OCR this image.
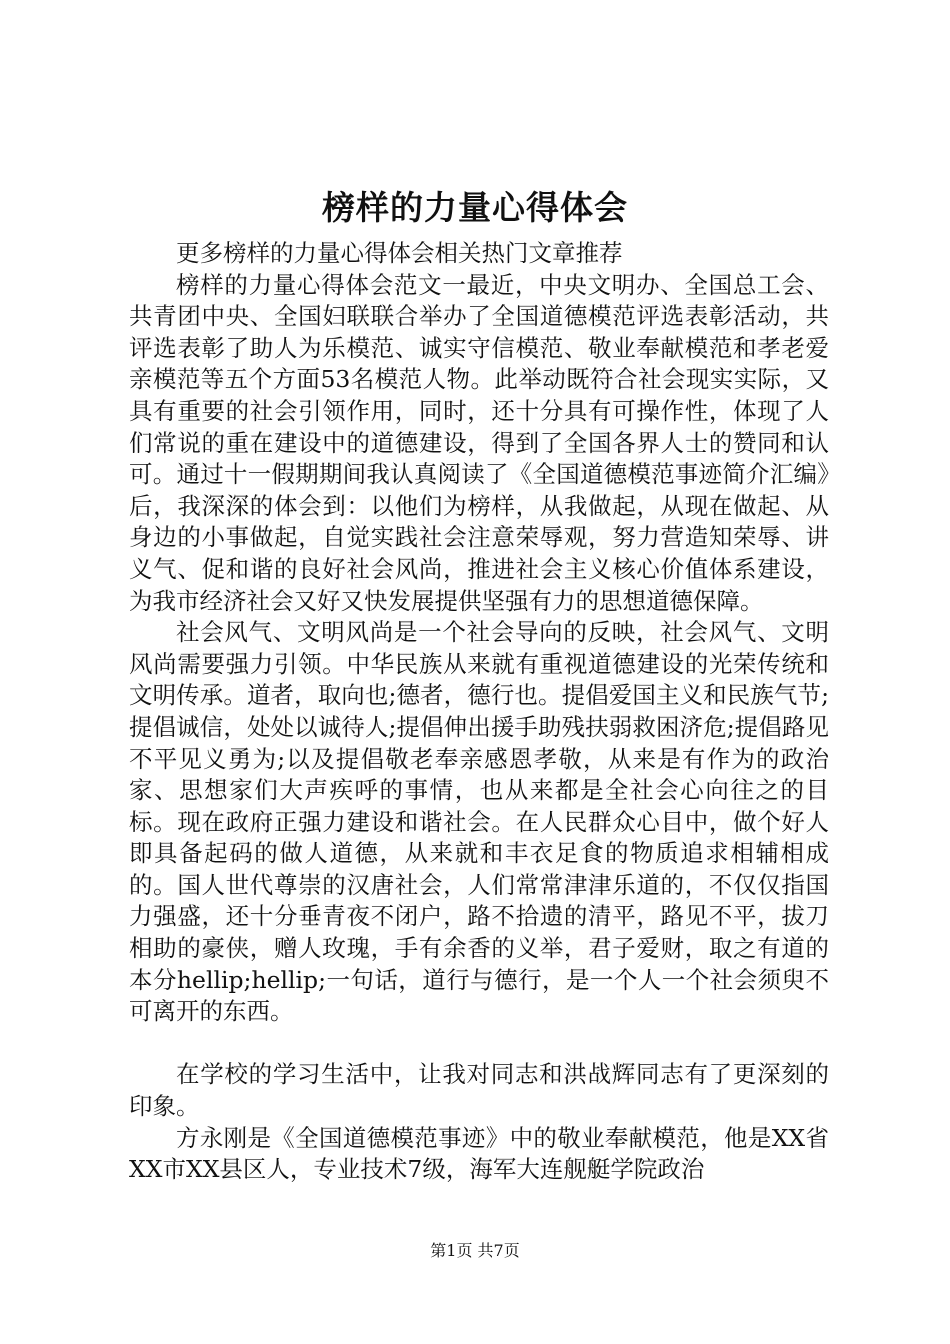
榜样的力量心得体会

更多榜样的力量心得体会相关热门文章推荐

榜样的力量心得体会范文一最近，中央文明办、全国总工会、共青团中央、全国妇联联合举办了全国道德模范评选表彰活动，共评选表彰了助人为乐模范、诚实守信模范、敬业奉献模范和孝老爱亲模范等五个方面53名模范人物。此举动既符合社会现实实际，又具有重要的社会引领作用，同时，还十分具有可操作性，体现了人们常说的重在建设中的道德建设，得到了全国各界人士的赞同和认可。通过十一假期期间我认真阅读了《全国道德模范事迹简介汇编》后，我深深的体会到：以他们为榜样，从我做起，从现在做起、从身边的小事做起，自觉实践社会注意荣辱观，努力营造知荣辱、讲义气、促和谐的良好社会风尚，推进社会主义核心价值体系建设，为我市经济社会又好又快发展提供坚强有力的思想道德保障。

社会风气、文明风尚是一个社会导向的反映，社会风气、文明风尚需要强力引领。中华民族从来就有重视道德建设的光荣传统和文明传承。道者，取向也;德者，德行也。提倡爱国主义和民族气节;提倡诚信，处处以诚待人;提倡伸出援手助残扶弱救困济危;提倡路见不平见义勇为;以及提倡敬老奉亲感恩孝敬，从来是有作为的政治家、思想家们大声疾呼的事情，也从来都是全社会心向往之的目标。现在政府正强力建设和谐社会。在人民群众心目中，做个好人即具备起码的做人道德，从来就和丰衣足食的物质追求相辅相成的。国人世代尊崇的汉唐社会，人们常常津津乐道的，不仅仅指国力强盛，还十分垂青夜不闭户，路不拾遗的清平，路见不平，拔刀相助的豪侠，赠人玫瑰，手有余香的义举，君子爱财，取之有道的本分hellip;hellip;一句话，道行与德行，是一个人一个社会须臾不可离开的东西。

在学校的学习生活中，让我对同志和洪战辉同志有了更深刻的印象。

方永刚是《全国道德模范事迹》中的敬业奉献模范，他是XX省XX市XX县区人，专业技术7级，海军大连舰艇学院政治

第1页 共7页
